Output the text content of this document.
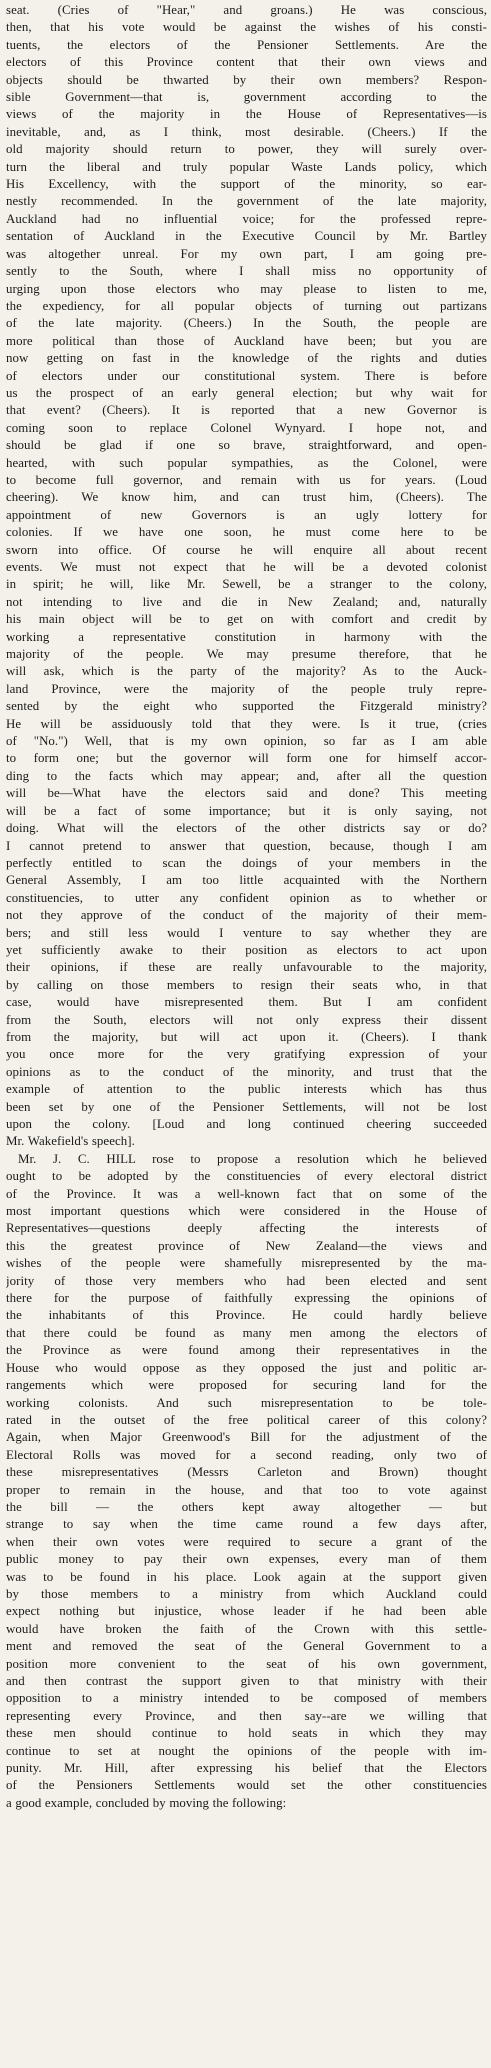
seat. (Cries of "Hear," and groans.) He was conscious,
then, that his vote would be against the wishes of his consti-
tuents, the electors of the Pensioner Settlements. Are the
electors of this Province content that their own views and
objects should be thwarted by their own members? Respon-
sible Government—that is, government according to the
views of the majority in the House of Representatives—is
inevitable, and, as I think, most desirable. (Cheers.) If the
old majority should return to power, they will surely over-
turn the liberal and truly popular Waste Lands policy, which
His Excellency, with the support of the minority, so ear-
nestly recommended. In the government of the late majority,
Auckland had no influential voice; for the professed repre-
sentation of Auckland in the Executive Council by Mr. Bartley
was altogether unreal. For my own part, I am going pre-
sently to the South, where I shall miss no opportunity of
urging upon those electors who may please to listen to me,
the expediency, for all popular objects of turning out partizans
of the late majority. (Cheers.) In the South, the people are
more political than those of Auckland have been; but you are
now getting on fast in the knowledge of the rights and duties
of electors under our constitutional system. There is before
us the prospect of an early general election; but why wait for
that event? (Cheers). It is reported that a new Governor is
coming soon to replace Colonel Wynyard. I hope not, and
should be glad if one so brave, straightforward, and open-
hearted, with such popular sympathies, as the Colonel, were
to become full governor, and remain with us for years. (Loud
cheering). We know him, and can trust him, (Cheers). The
appointment of new Governors is an ugly lottery for
colonies. If we have one soon, he must come here to be
sworn into office. Of course he will enquire all about recent
events. We must not expect that he will be a devoted colonist
in spirit; he will, like Mr. Sewell, be a stranger to the colony,
not intending to live and die in New Zealand; and, naturally
his main object will be to get on with comfort and credit by
working a representative constitution in harmony with the
majority of the people. We may presume therefore, that he
will ask, which is the party of the majority? As to the Auck-
land Province, were the majority of the people truly repre-
sented by the eight who supported the Fitzgerald ministry?
He will be assiduously told that they were. Is it true, (cries
of "No.") Well, that is my own opinion, so far as I am able
to form one; but the governor will form one for himself accor-
ding to the facts which may appear; and, after all the question
will be—What have the electors said and done? This meeting
will be a fact of some importance; but it is only saying, not
doing. What will the electors of the other districts say or do?
I cannot pretend to answer that question, because, though I am
perfectly entitled to scan the doings of your members in the
General Assembly, I am too little acquainted with the Northern
constituencies, to utter any confident opinion as to whether or
not they approve of the conduct of the majority of their mem-
bers; and still less would I venture to say whether they are
yet sufficiently awake to their position as electors to act upon
their opinions, if these are really unfavourable to the majority,
by calling on those members to resign their seats who, in that
case, would have misrepresented them. But I am confident
from the South, electors will not only express their dissent
from the majority, but will act upon it. (Cheers). I thank
you once more for the very gratifying expression of your
opinions as to the conduct of the minority, and trust that the
example of attention to the public interests which has thus
been set by one of the Pensioner Settlements, will not be lost
upon the colony. [Loud and long continued cheering succeeded
Mr. Wakefield's speech].
Mr. J. C. HILL rose to propose a resolution which he believed
ought to be adopted by the constituencies of every electoral district
of the Province. It was a well-known fact that on some of the
most important questions which were considered in the House of
Representatives—questions deeply affecting the interests of
this the greatest province of New Zealand—the views and
wishes of the people were shamefully misrepresented by the ma-
jority of those very members who had been elected and sent
there for the purpose of faithfully expressing the opinions of
the inhabitants of this Province. He could hardly believe
that there could be found as many men among the electors of
the Province as were found among their representatives in the
House who would oppose as they opposed the just and politic ar-
rangements which were proposed for securing land for the
working colonists. And such misrepresentation to be tole-
rated in the outset of the free political career of this colony?
Again, when Major Greenwood's Bill for the adjustment of the
Electoral Rolls was moved for a second reading, only two of
these misrepresentatives (Messrs Carleton and Brown) thought
proper to remain in the house, and that too to vote against
the bill — the others kept away altogether — but
strange to say when the time came round a few days after,
when their own votes were required to secure a grant of the
public money to pay their own expenses, every man of them
was to be found in his place. Look again at the support given
by those members to a ministry from which Auckland could
expect nothing but injustice, whose leader if he had been able
would have broken the faith of the Crown with this settle-
ment and removed the seat of the General Government to a
position more convenient to the seat of his own government,
and then contrast the support given to that ministry with their
opposition to a ministry intended to be composed of members
representing every Province, and then say--are we willing that
these men should continue to hold seats in which they may
continue to set at nought the opinions of the people with im-
punity. Mr. Hill, after expressing his belief that the Electors
of the Pensioners Settlements would set the other constituencies
a good example, concluded by moving the following:
